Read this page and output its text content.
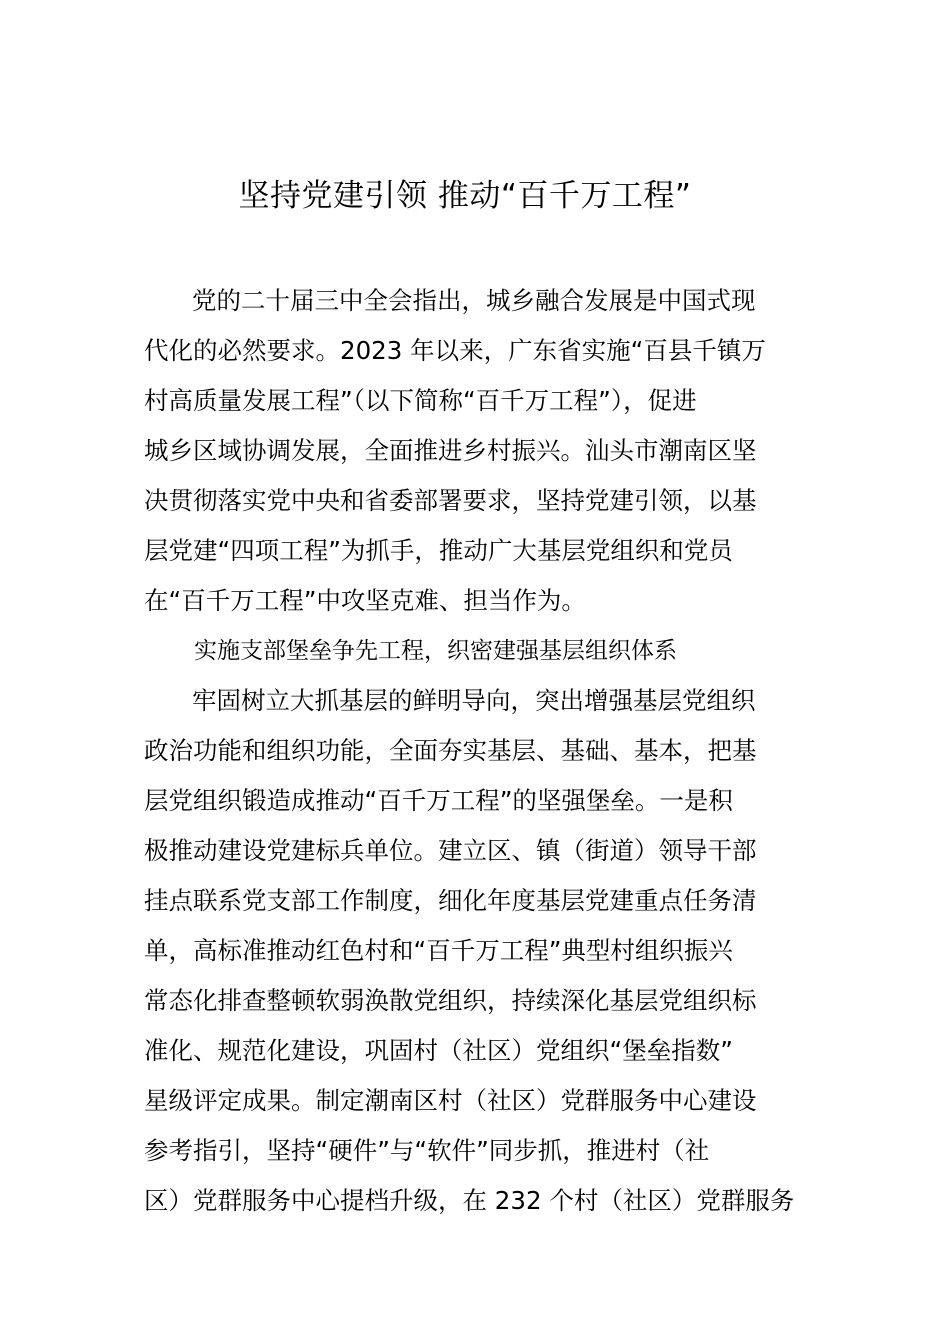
坚持党建引领 推动“百千万工程”
党的二十届三中全会指出，城乡融合发展是中国式现
代化的必然要求。2023 年以来，广东省实施“百县千镇万
村高质量发展工程”（以下简称“百千万工程”），促进
城乡区域协调发展，全面推进乡村振兴。汕头市潮南区坚
决贯彻落实党中央和省委部署要求，坚持党建引领，以基
层党建“四项工程”为抓手，推动广大基层党组织和党员
在“百千万工程”中攻坚克难、担当作为。
实施支部堡垒争先工程，织密建强基层组织体系
牢固树立大抓基层的鲜明导向，突出增强基层党组织
政治功能和组织功能，全面夯实基层、基础、基本，把基
层党组织锻造成推动“百千万工程”的坚强堡垒。一是积
极推动建设党建标兵单位。建立区、镇（街道）领导干部
挂点联系党支部工作制度，细化年度基层党建重点任务清
单，高标准推动红色村和“百千万工程”典型村组织振兴
常态化排查整顿软弱涣散党组织，持续深化基层党组织标
准化、规范化建设，巩固村（社区）党组织“堡垒指数”
星级评定成果。制定潮南区村（社区）党群服务中心建设
参考指引，坚持“硬件”与“软件”同步抓，推进村（社
区）党群服务中心提档升级，在 232 个村（社区）党群服务
